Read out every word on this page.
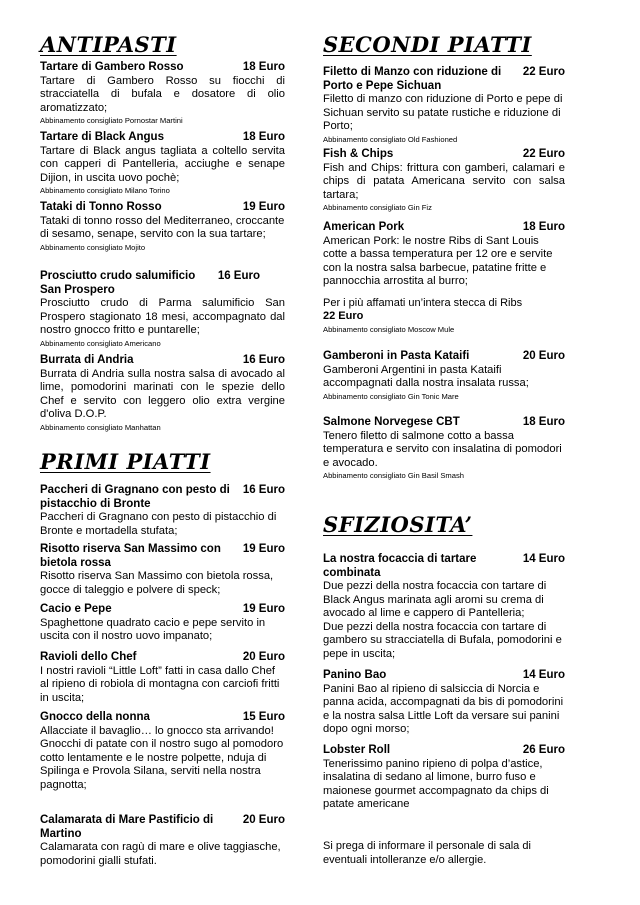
ANTIPASTI
Tartare di Gambero Rosso	18 Euro
Tartare di Gambero Rosso su fiocchi di stracciatella di bufala e dosatore di olio aromatizzato;
Abbinamento consigliato Pornostar Martini
Tartare di Black Angus	18 Euro
Tartare di Black angus tagliata a coltello servita con capperi di Pantelleria, acciughe e senape Dijion, in uscita uovo pochè;
Abbinamento consigliato Milano Torino
Tataki di Tonno Rosso	19 Euro
Tataki di tonno rosso del Mediterraneo, croccante di sesamo, senape, servito con la sua tartare;
Abbinamento consigliato Mojito
Prosciutto crudo salumificio San Prospero
16 Euro
Prosciutto crudo di Parma salumificio San Prospero stagionato 18 mesi, accompagnato dal nostro gnocco fritto e puntarelle;
Abbinamento consigliato Americano
Burrata di Andria	16 Euro
Burrata di Andria sulla nostra salsa di avocado al lime, pomodorini marinati con le spezie dello Chef e servito con leggero olio extra vergine d'oliva D.O.P.
Abbinamento consigliato Manhattan
PRIMI PIATTI
Paccheri di Gragnano con pesto di pistacchio di Bronte
16 Euro
Paccheri di Gragnano con pesto di pistacchio di Bronte e mortadella stufata;
Risotto riserva San Massimo con bietola rossa
19 Euro
Risotto riserva San Massimo con bietola rossa, gocce di taleggio e polvere di speck;
Cacio e Pepe	19 Euro
Spaghettone quadrato cacio e pepe servito in uscita con il nostro uovo impanato;
Ravioli dello Chef	20 Euro
I nostri ravioli “Little Loft” fatti in casa dallo Chef al ripieno di robiola di montagna con carciofi fritti in uscita;
Gnocco della nonna	15 Euro

Allacciate il bavaglio… lo gnocco sta arrivando!

Gnocchi di patate con il nostro sugo al pomodoro cotto lentamente e le nostre polpette, nduja di Spilinga e Provola Silana, serviti nella nostra pagnotta;

Calamarata di Mare Pastificio di Martino
20 Euro
Calamarata con ragù di mare e olive taggiasche, pomodorini gialli stufati.
SECONDI PIATTI
Filetto di Manzo con riduzione di Porto e Pepe Sichuan
22 Euro
Filetto di manzo con riduzione di Porto e pepe di Sichuan servito su patate rustiche e riduzione di Porto;
Abbinamento consigliato Old Fashioned
Fish & Chips	22 Euro
Fish and Chips: frittura con gamberi, calamari e chips di patata Americana servito con salsa tartara;
Abbinamento consigliato Gin Fiz
American Pork	18 Euro
American Pork: le nostre Ribs di Sant Louis cotte a bassa temperatura per 12 ore e servite con la nostra salsa barbecue, patatine fritte e pannocchia arrostita al burro;
Per i più affamati un’intera stecca di Ribs
22 Euro
Abbinamento consigliato Moscow Mule
Gamberoni in Pasta Kataifi	20 Euro
Gamberoni Argentini in pasta Kataifi accompagnati dalla nostra insalata russa;
Abbinamento consigliato Gin Tonic Mare
Salmone Norvegese CBT	18 Euro
Tenero filetto di salmone cotto a bassa temperatura e servito con insalatina di pomodori e avocado.
Abbinamento consigliato Gin Basil Smash
SFIZIOSITA’
La nostra focaccia di tartare combinata
14 Euro

Due pezzi della nostra focaccia con tartare di Black Angus marinata agli aromi su crema di avocado al lime e cappero di Pantelleria;

Due pezzi della nostra focaccia con tartare di gambero su stracciatella di Bufala, pomodorini e pepe in uscita;

Panino Bao	14 Euro
Panini Bao al ripieno di salsiccia di Norcia e panna acida, accompagnati da bis di pomodorini e la nostra salsa Little Loft da versare sui panini dopo ogni morso;
Lobster Roll	26 Euro
Tenerissimo panino ripieno di polpa d’astice, insalatina di sedano al limone, burro fuso e maionese gourmet accompagnato da chips di patate americane
Si prega di informare il personale di sala di eventuali intolleranze e/o allergie.
